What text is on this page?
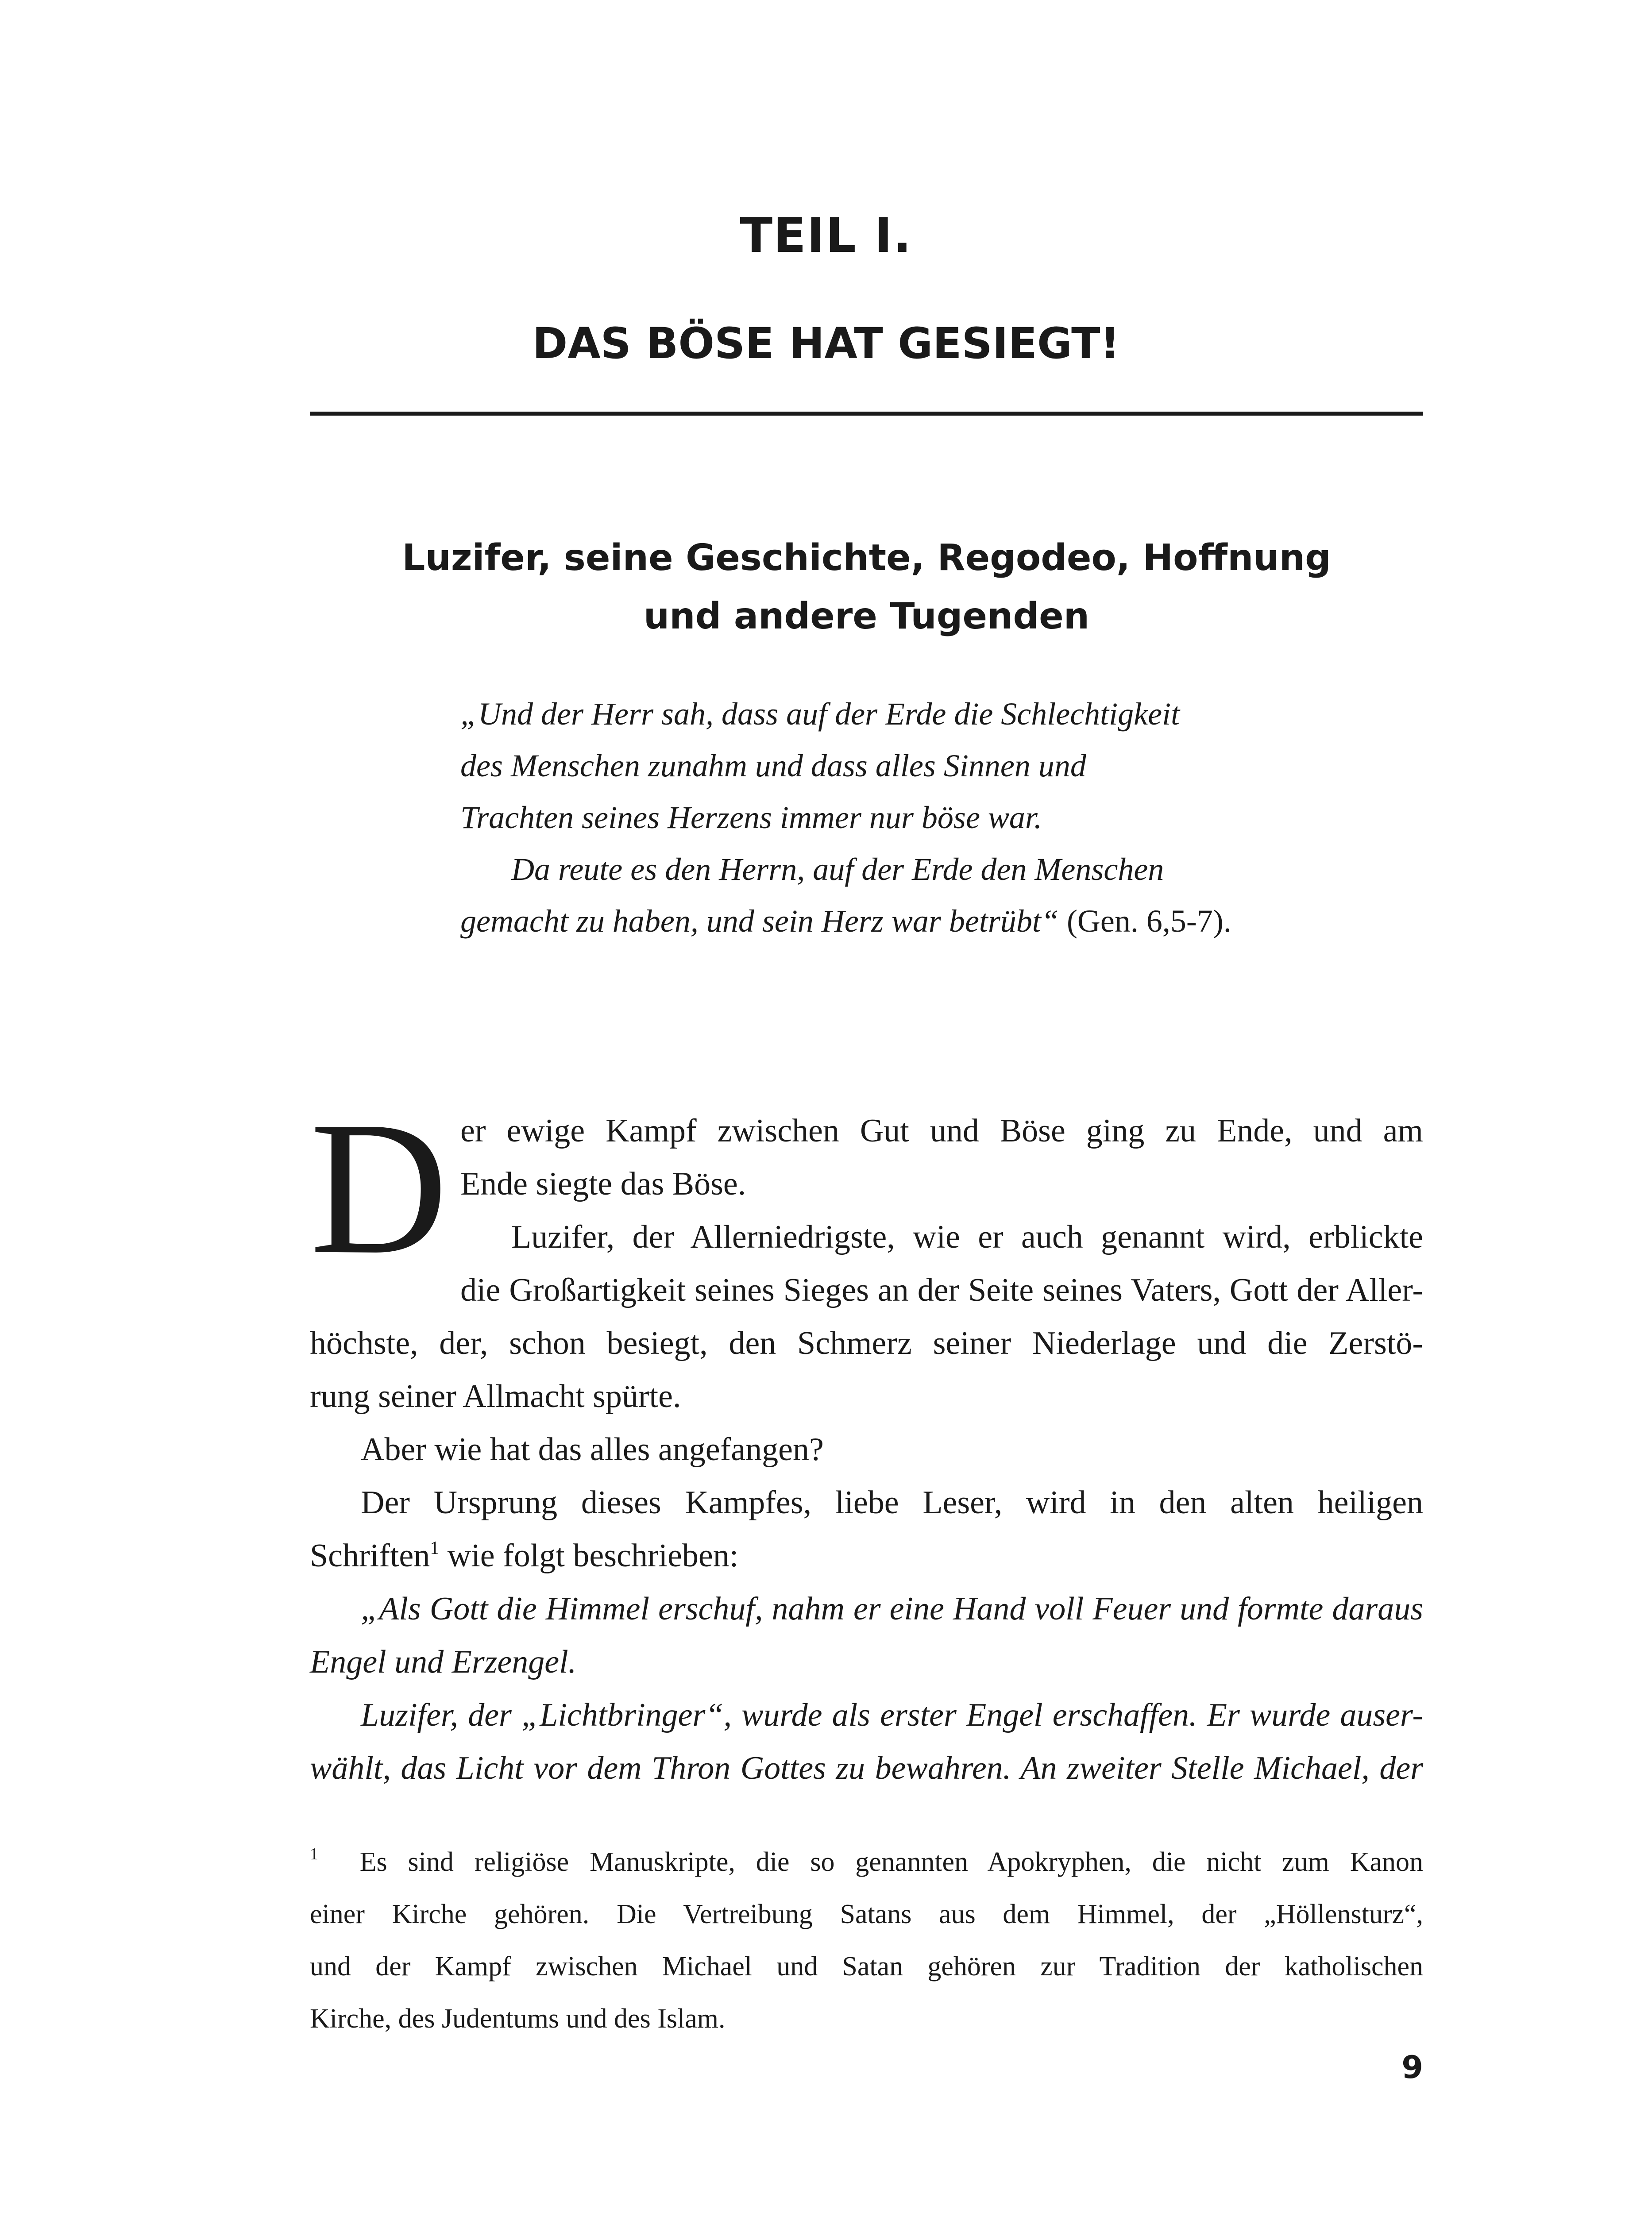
TEIL I.
DAS BÖSE HAT GESIEGT!
Luzifer, seine Geschichte, Regodeo, Hoffnung
und andere Tugenden
„Und der Herr sah, dass auf der Erde die Schlechtigkeit
des Menschen zunahm und dass alles Sinnen und
Trachten seines Herzens immer nur böse war.
Da reute es den Herrn, auf der Erde den Menschen
gemacht zu haben, und sein Herz war betrübt“ (Gen. 6,5-7).
D er ewige Kampf zwischen Gut und Böse ging zu Ende, und am
Ende siegte das Böse.
Luzifer, der Allerniedrigste, wie er auch genannt wird, erblickte
die Großartigkeit seines Sieges an der Seite seines Vaters, Gott der Aller-
höchste, der, schon besiegt, den Schmerz seiner Niederlage und die Zerstö-
rung seiner Allmacht spürte.
Aber wie hat das alles angefangen?
Der Ursprung dieses Kampfes, liebe Leser, wird in den alten heiligen
Schriften$^1$ wie folgt beschrieben:
„Als Gott die Himmel erschuf, nahm er eine Hand voll Feuer und formte daraus
Engel und Erzengel.
Luzifer, der „Lichtbringer“, wurde als erster Engel erschaffen. Er wurde auser-
wählt, das Licht vor dem Thron Gottes zu bewahren. An zweiter Stelle Michael, der
$^1$ Es sind religiöse Manuskripte, die so genannten Apokryphen, die nicht zum Kanon
einer Kirche gehören. Die Vertreibung Satans aus dem Himmel, der „Höllensturz“,
und der Kampf zwischen Michael und Satan gehören zur Tradition der katholischen
Kirche, des Judentums und des Islam.
9
